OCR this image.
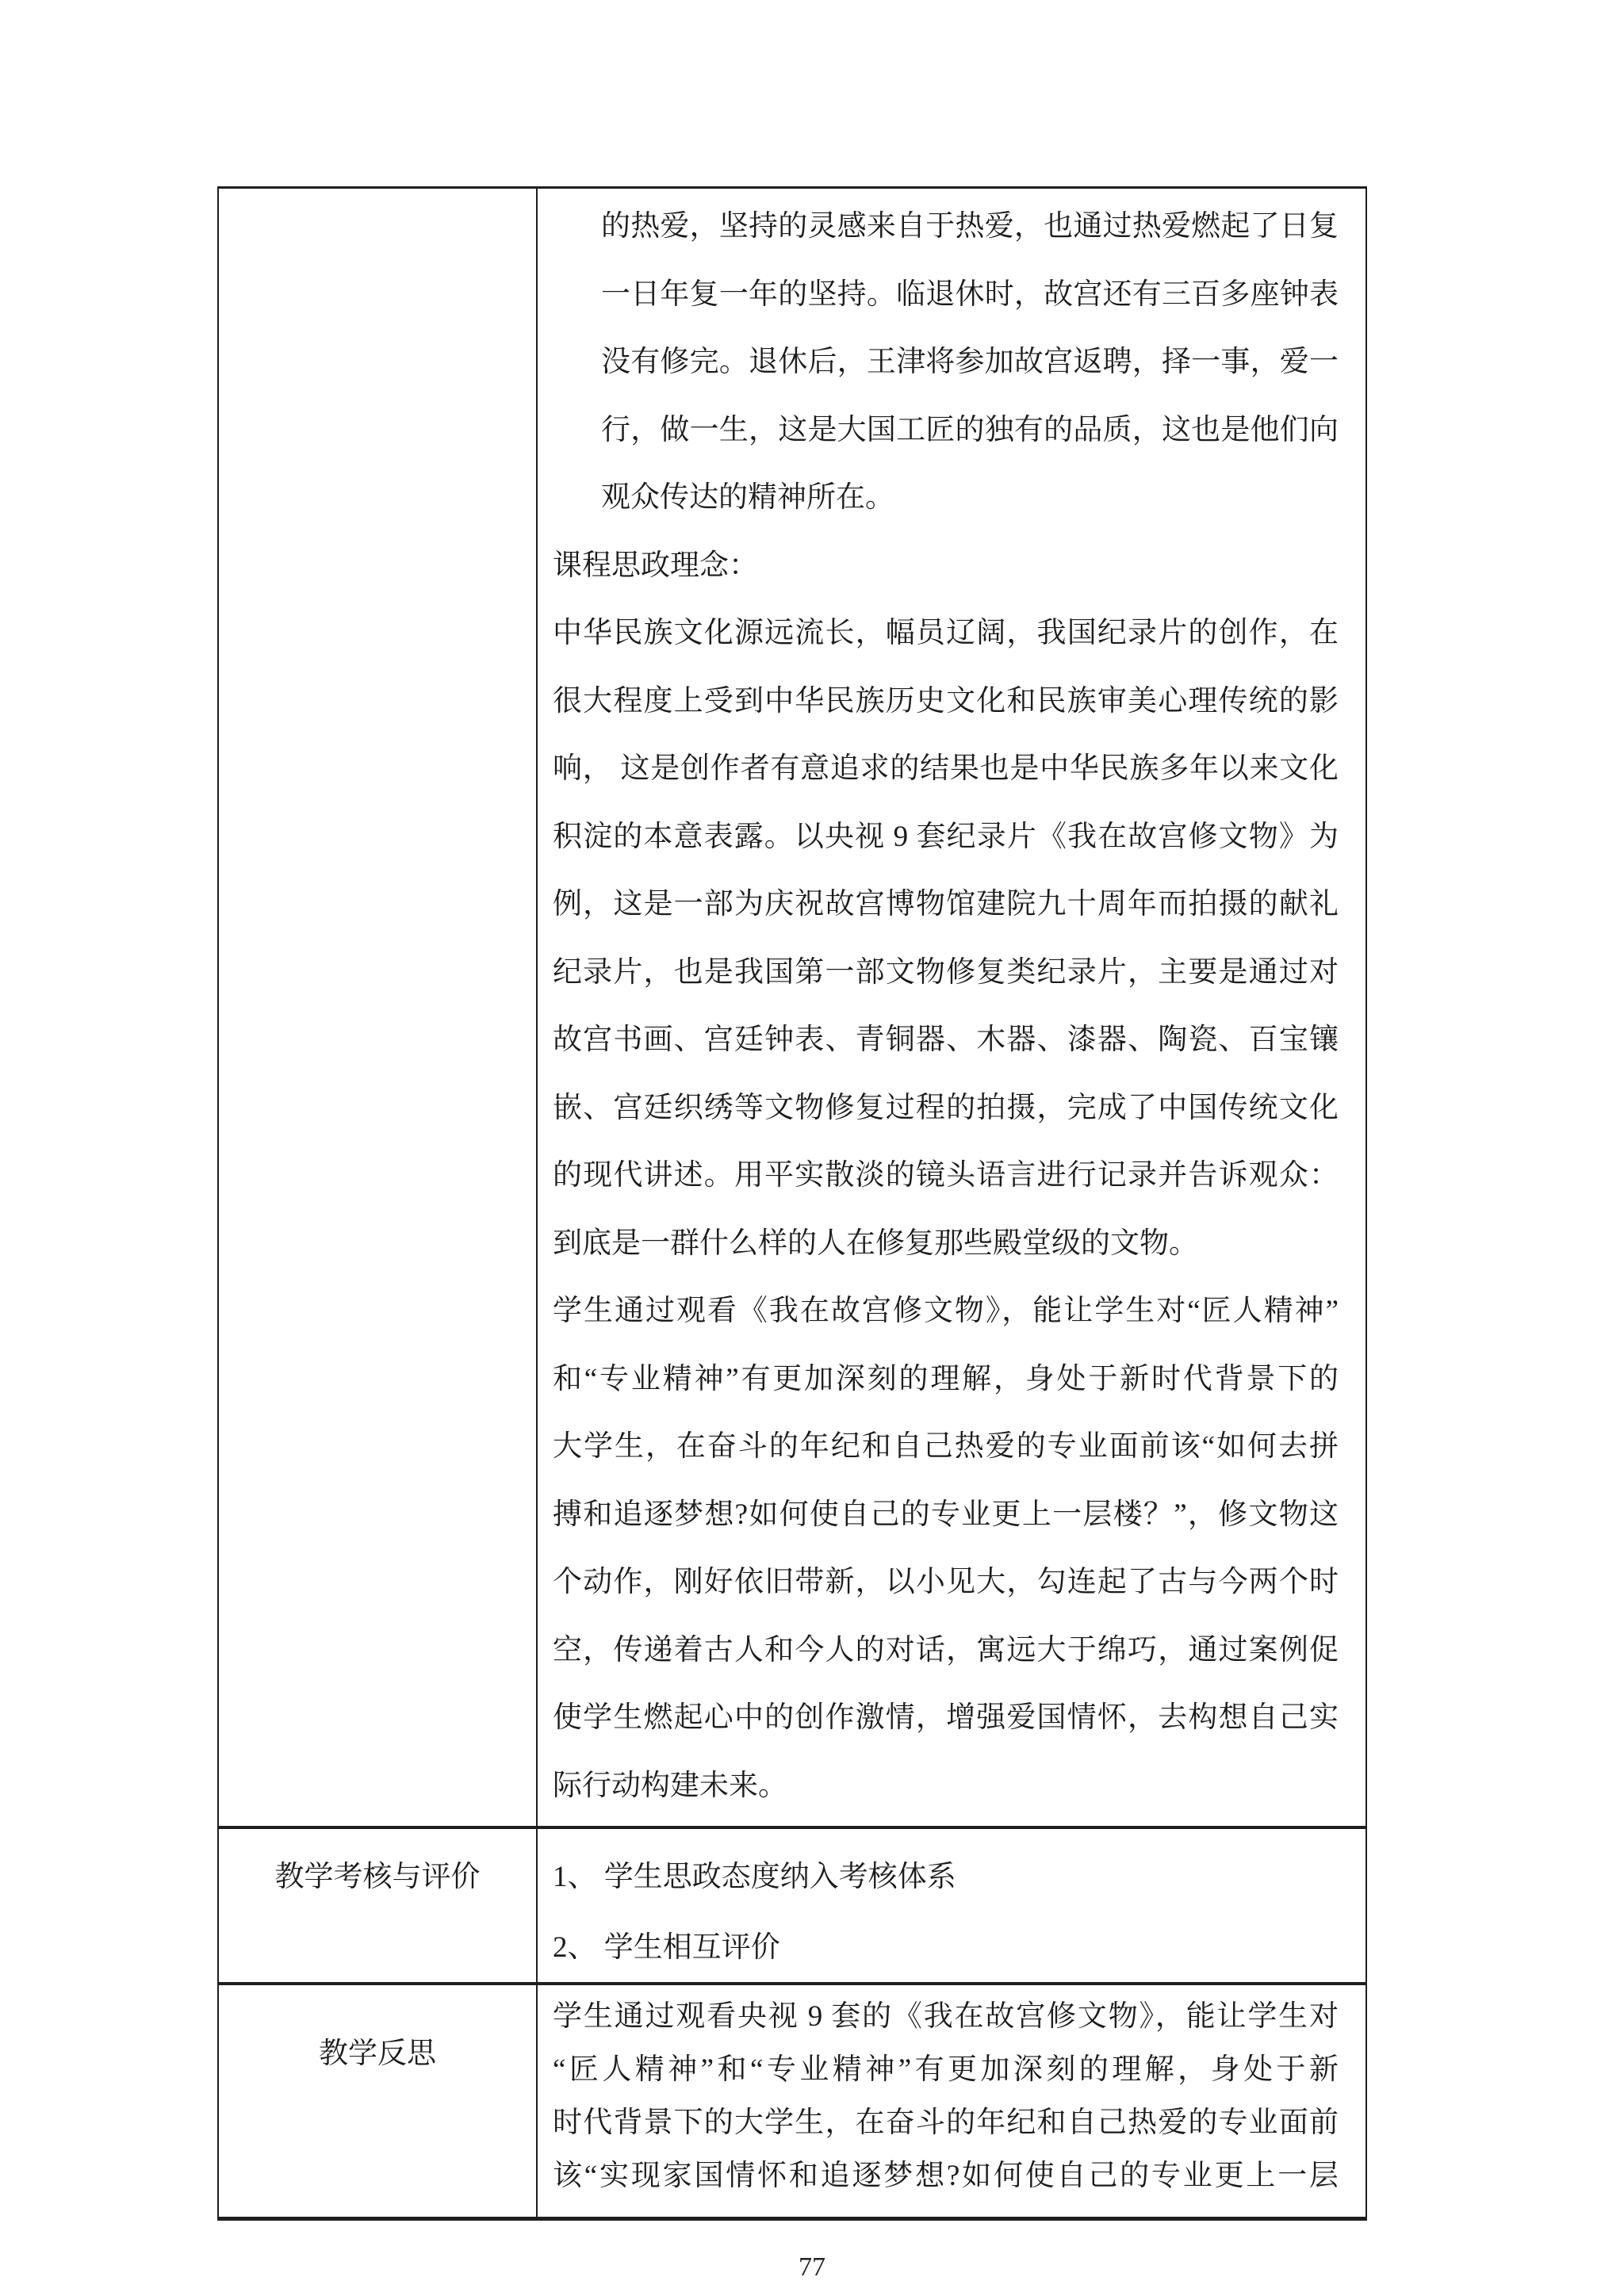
的热爱，坚持的灵感来自于热爱，也通过热爱燃起了日复
一日年复一年的坚持。临退休时，故宫还有三百多座钟表
没有修完。退休后，王津将参加故宫返聘，择一事，爱一
行，做一生，这是大国工匠的独有的品质，这也是他们向
观众传达的精神所在。
课程思政理念：
中华民族文化源远流长，幅员辽阔，我国纪录片的创作，在
很大程度上受到中华民族历史文化和民族审美心理传统的影
响， 这是创作者有意追求的结果也是中华民族多年以来文化
积淀的本意表露。以央视 9 套纪录片《我在故宫修文物》为
例，这是一部为庆祝故宫博物馆建院九十周年而拍摄的献礼
纪录片，也是我国第一部文物修复类纪录片，主要是通过对
故宫书画、宫廷钟表、青铜器、木器、漆器、陶瓷、百宝镶
嵌、宫廷织绣等文物修复过程的拍摄，完成了中国传统文化
的现代讲述。用平实散淡的镜头语言进行记录并告诉观众：
到底是一群什么样的人在修复那些殿堂级的文物。
学生通过观看《我在故宫修文物》，能让学生对“匠人精神”
和“专业精神”有更加深刻的理解，身处于新时代背景下的
大学生，在奋斗的年纪和自己热爱的专业面前该“如何去拼
搏和追逐梦想?如何使自己的专业更上一层楼？”，修文物这
个动作，刚好依旧带新，以小见大，勾连起了古与今两个时
空，传递着古人和今人的对话，寓远大于绵巧，通过案例促
使学生燃起心中的创作激情，增强爱国情怀，去构想自己实
际行动构建未来。
教学考核与评价 1、 学生思政态度纳入考核体系
2、 学生相互评价
教学反思
学生通过观看央视 9 套的《我在故宫修文物》，能让学生对
“匠人精神”和“专业精神”有更加深刻的理解，身处于新
时代背景下的大学生，在奋斗的年纪和自己热爱的专业面前
该“实现家国情怀和追逐梦想?如何使自己的专业更上一层
77
